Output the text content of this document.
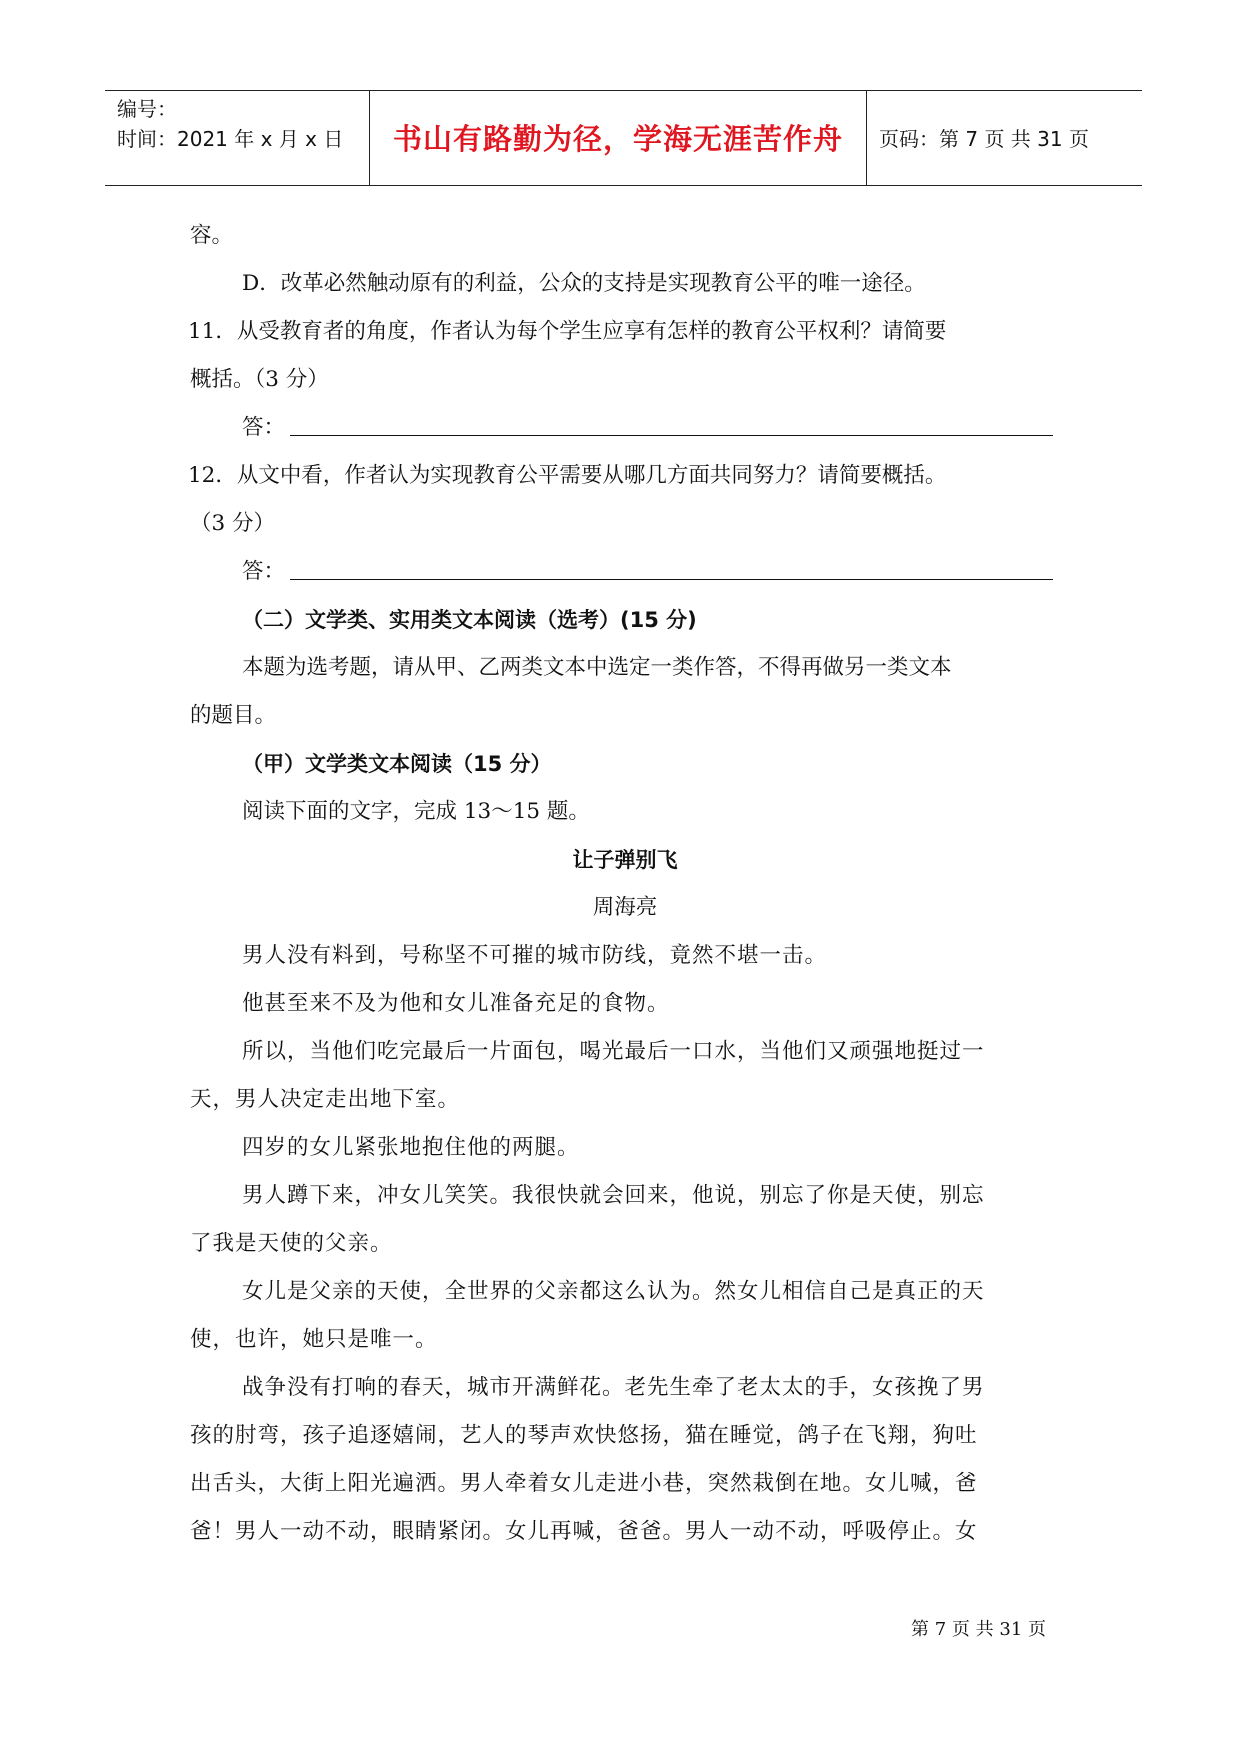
编号：
时间：2021 年 x 月 x 日	书山有路勤为径，学海无涯苦作舟	页码：第 7 页 共 31 页

容。

D．改革必然触动原有的利益，公众的支持是实现教育公平的唯一途径。

11．从受教育者的角度，作者认为每个学生应享有怎样的教育公平权利？请简要

概括。（3 分）

答：

12．从文中看，作者认为实现教育公平需要从哪几方面共同努力？请简要概括。

（3 分）

答：

（二）文学类、实用类文本阅读（选考）(15 分)

本题为选考题，请从甲、乙两类文本中选定一类作答，不得再做另一类文本

的题目。

（甲）文学类文本阅读（15 分）

阅读下面的文字，完成 13～15 题。

让子弹别飞

周海亮

男人没有料到，号称坚不可摧的城市防线，竟然不堪一击。

他甚至来不及为他和女儿准备充足的食物。

所以，当他们吃完最后一片面包，喝光最后一口水，当他们又顽强地挺过一

天，男人决定走出地下室。

四岁的女儿紧张地抱住他的两腿。

男人蹲下来，冲女儿笑笑。我很快就会回来，他说，别忘了你是天使，别忘

了我是天使的父亲。

女儿是父亲的天使，全世界的父亲都这么认为。然女儿相信自己是真正的天

使，也许，她只是唯一。

战争没有打响的春天，城市开满鲜花。老先生牵了老太太的手，女孩挽了男

孩的肘弯，孩子追逐嬉闹，艺人的琴声欢快悠扬，猫在睡觉，鸽子在飞翔，狗吐

出舌头，大街上阳光遍洒。男人牵着女儿走进小巷，突然栽倒在地。女儿喊，爸

爸！男人一动不动，眼睛紧闭。女儿再喊，爸爸。男人一动不动，呼吸停止。女

第 7 页 共 31 页
